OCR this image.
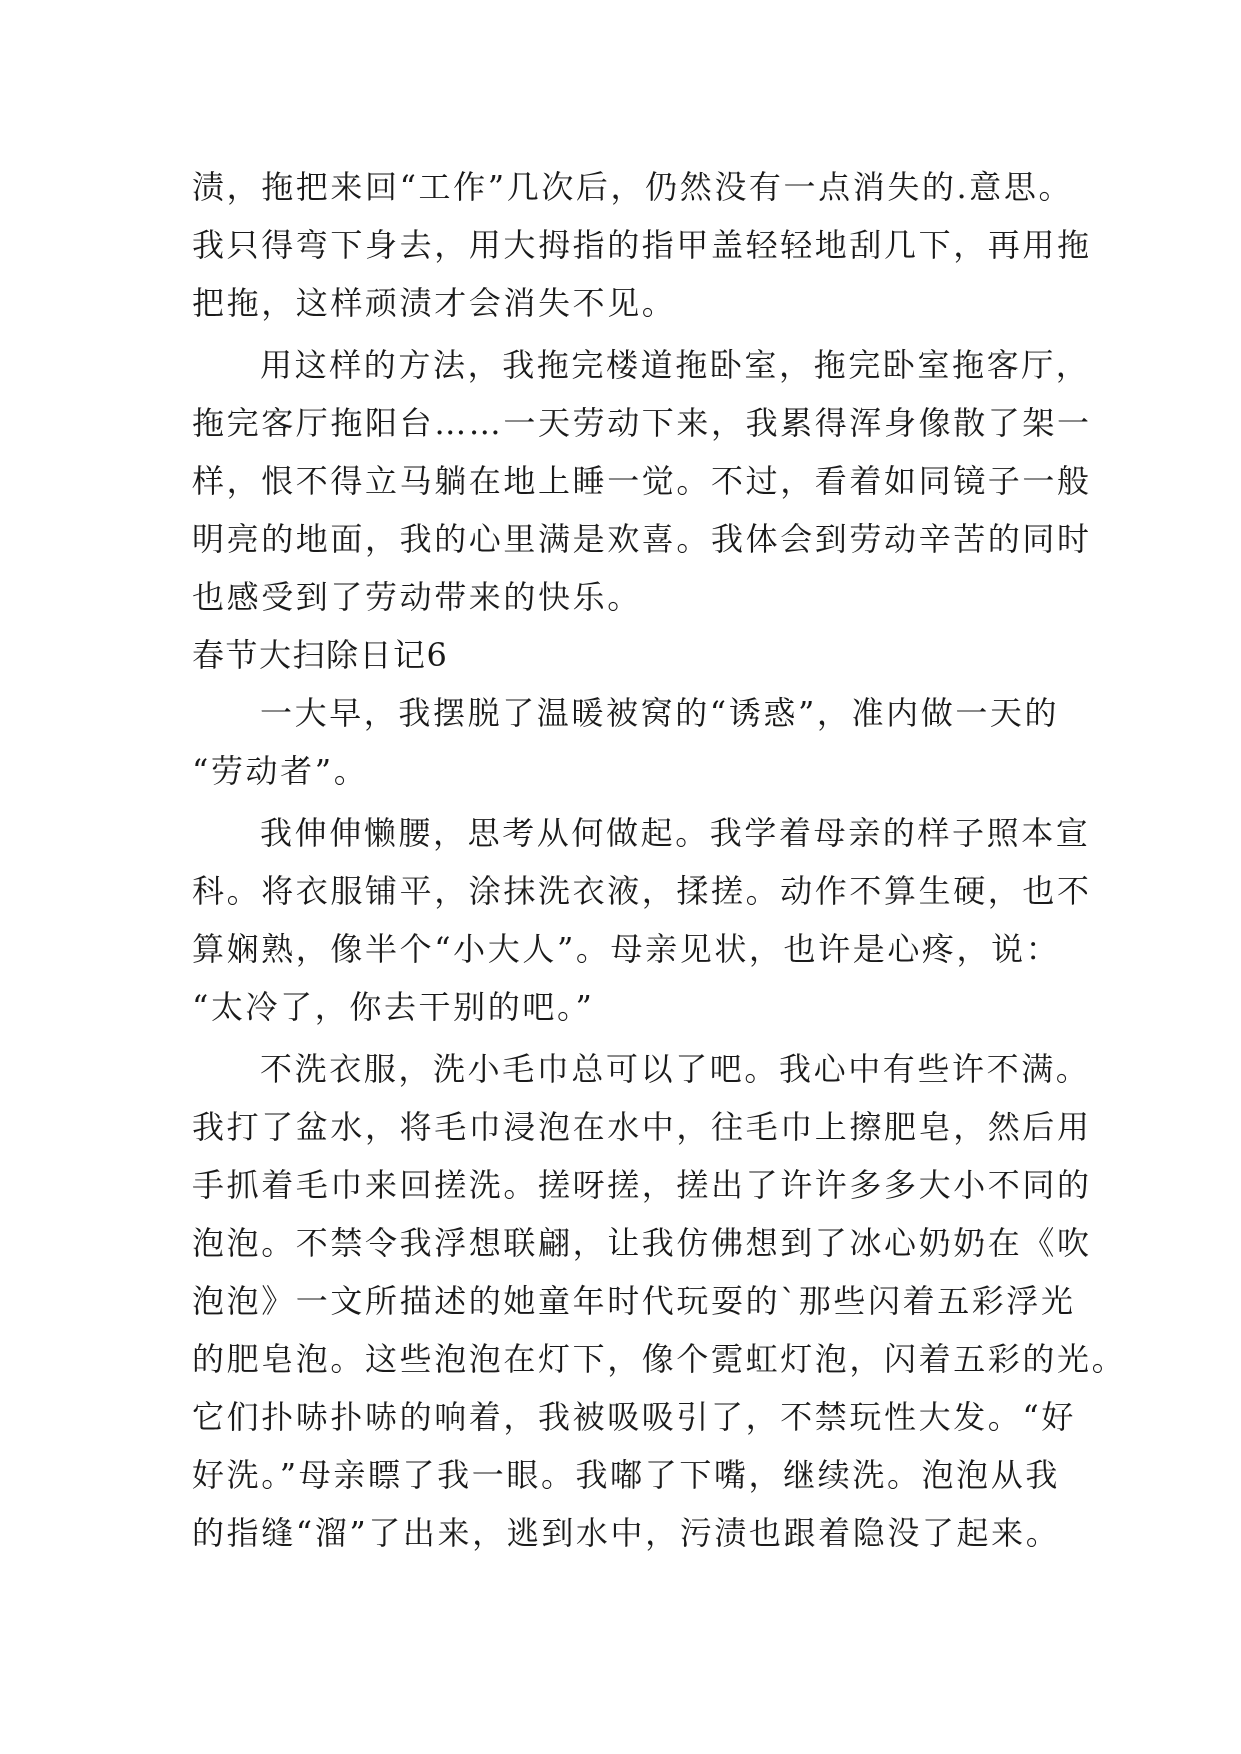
渍，拖把来回“工作”几次后，仍然没有一点消失的.意思。
我只得弯下身去，用大拇指的指甲盖轻轻地刮几下，再用拖
把拖，这样顽渍才会消失不见。
用这样的方法，我拖完楼道拖卧室，拖完卧室拖客厅，
拖完客厅拖阳台……一天劳动下来，我累得浑身像散了架一
样，恨不得立马躺在地上睡一觉。不过，看着如同镜子一般
明亮的地面，我的心里满是欢喜。我体会到劳动辛苦的同时
也感受到了劳动带来的快乐。
春节大扫除日记6
一大早，我摆脱了温暖被窝的“诱惑”，准内做一天的
“劳动者”。
我伸伸懒腰，思考从何做起。我学着母亲的样子照本宣
科。将衣服铺平，涂抹洗衣液，揉搓。动作不算生硬，也不
算娴熟，像半个“小大人”。母亲见状，也许是心疼，说：
“太冷了，你去干别的吧。”
不洗衣服，洗小毛巾总可以了吧。我心中有些许不满。
我打了盆水，将毛巾浸泡在水中，往毛巾上擦肥皂，然后用
手抓着毛巾来回搓洗。搓呀搓，搓出了许许多多大小不同的
泡泡。不禁令我浮想联翩，让我仿佛想到了冰心奶奶在《吹
泡泡》一文所描述的她童年时代玩耍的`那些闪着五彩浮光
的肥皂泡。这些泡泡在灯下，像个霓虹灯泡，闪着五彩的光。
它们扑哧扑哧的响着，我被吸吸引了，不禁玩性大发。“好
好洗。”母亲瞟了我一眼。我嘟了下嘴，继续洗。泡泡从我
的指缝“溜”了出来，逃到水中，污渍也跟着隐没了起来。
